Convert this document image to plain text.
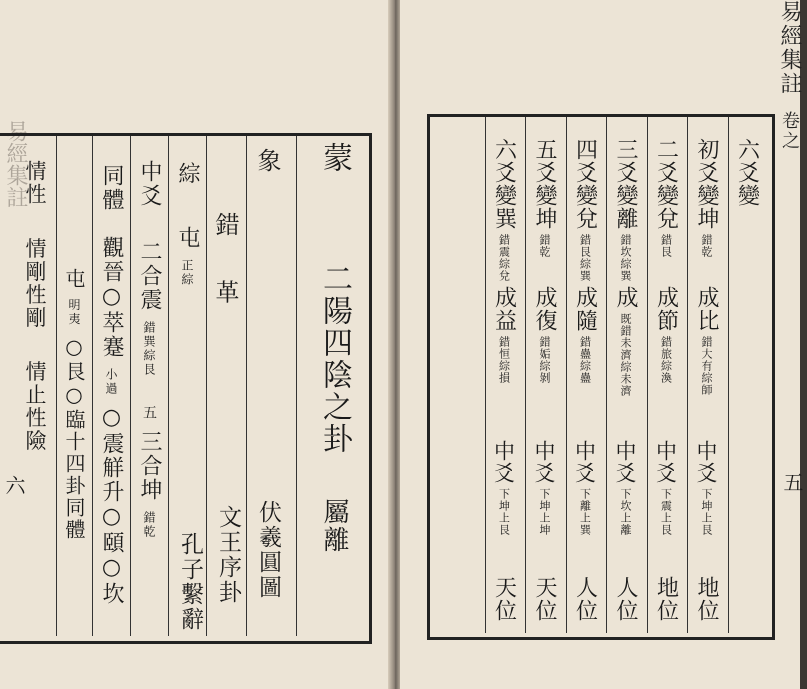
易經集註	蒙
二陽四陰之卦  屬離
象
伏羲圓圖
錯  革
文王序卦
綜  屯 正綜
孔子繫辭
中爻  二合震 錯巽綜艮  五 三合坤 錯乾
同體  觀晉○萃蹇 小過 ○震觧升○頤○坎
屯 明夷 ○艮○臨十四卦同體
情性  情剛性剛  情止性險
六
易經集註 卷之
五
六爻變
初爻變坤錯乾
成比錯大有綜師
中爻下坤上艮
地位
二爻變兌錯艮
成節錯旅綜渙
中爻下震上艮
地位
三爻變離錯坎綜巽
成既錯未濟綜未濟
中爻下坎上離
人位
四爻變兌錯艮綜巽
成隨錯蠱綜蠱
中爻下離上巽
人位
五爻變坤錯乾
成復錯姤綜剝
中爻下坤上坤
天位
六爻變巽錯震綜兌
成益錯恒綜損
中爻下坤上艮
天位
